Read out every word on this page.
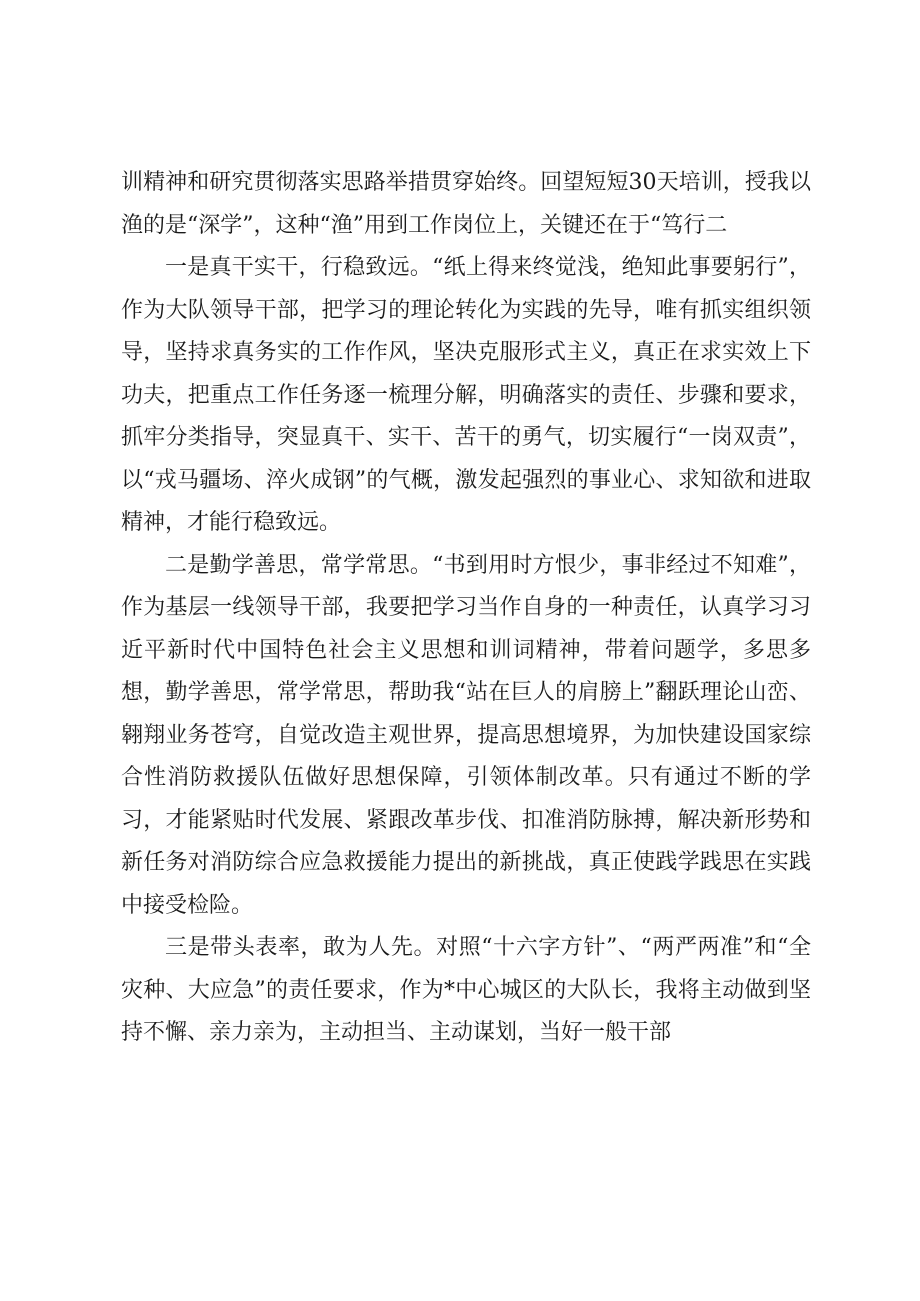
训精神和研究贯彻落实思路举措贯穿始终。回望短短30天培训，授我以渔的是“深学”，这种“渔”用到工作岗位上，关键还在于“笃行二

一是真干实干，行稳致远。“纸上得来终觉浅，绝知此事要躬行”，作为大队领导干部，把学习的理论转化为实践的先导，唯有抓实组织领导，坚持求真务实的工作作风，坚决克服形式主义，真正在求实效上下功夫，把重点工作任务逐一梳理分解，明确落实的责任、步骤和要求，抓牢分类指导，突显真干、实干、苦干的勇气，切实履行“一岗双责”，以“戎马疆场、淬火成钢”的气概，激发起强烈的事业心、求知欲和进取精神，才能行稳致远。

二是勤学善思，常学常思。“书到用时方恨少，事非经过不知难”，作为基层一线领导干部，我要把学习当作自身的一种责任，认真学习习近平新时代中国特色社会主义思想和训词精神，带着问题学，多思多想，勤学善思，常学常思，帮助我“站在巨人的肩膀上”翻跃理论山峦、翱翔业务苍穹，自觉改造主观世界，提高思想境界，为加快建设国家综合性消防救援队伍做好思想保障，引领体制改革。只有通过不断的学习，才能紧贴时代发展、紧跟改革步伐、扣准消防脉搏，解决新形势和新任务对消防综合应急救援能力提出的新挑战，真正使践学践思在实践中接受检险。

三是带头表率，敢为人先。对照“十六字方针”、“两严两准”和“全灾种、大应急”的责任要求，作为*中心城区的大队长，我将主动做到坚持不懈、亲力亲为，主动担当、主动谋划，当好一般干部
